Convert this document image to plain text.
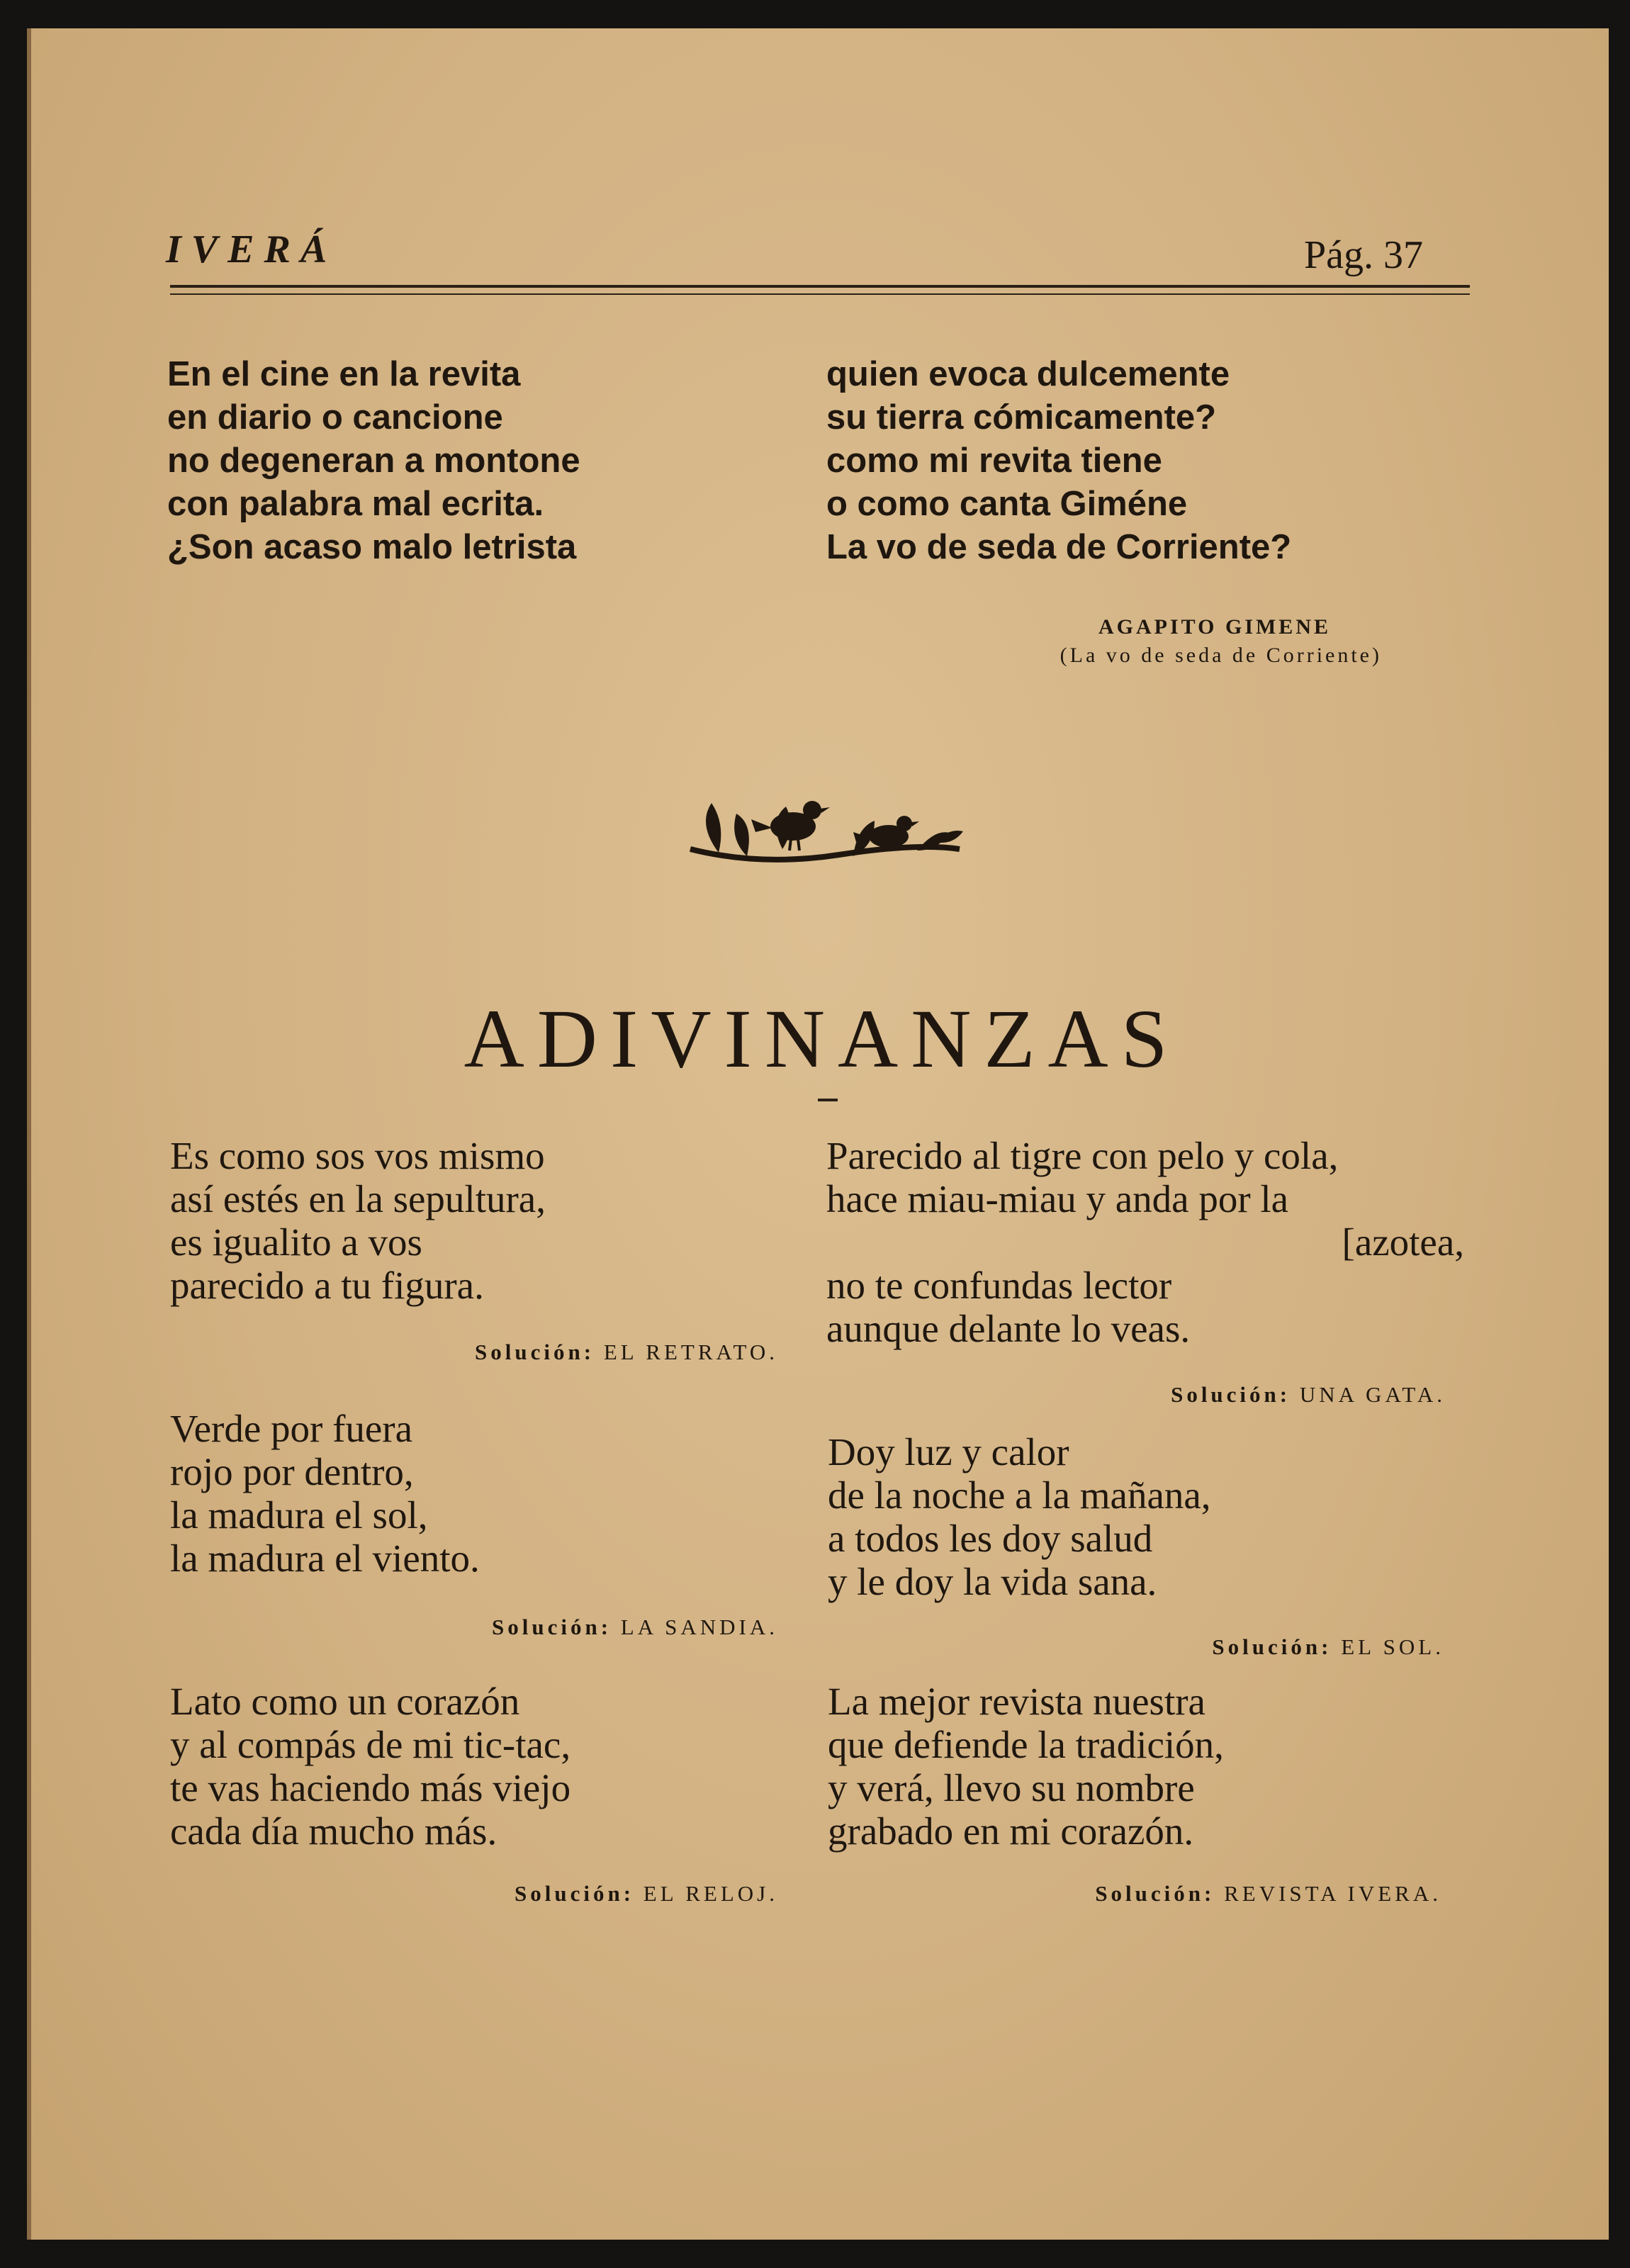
IVERÁ	Pág. 37
En el cine en la revita
en diario o cancione
no degeneran a montone
con palabra mal ecrita.
¿Son acaso malo letrista
quien evoca dulcemente
su tierra cómicamente?
como mi revita tiene
o como canta Giméne
La vo de seda de Corriente?
AGAPITO GIMENE
(La vo de seda de Corriente)
ADIVINANZAS
Es como sos vos mismo
así estés en la sepultura,
es igualito a vos
parecido a tu figura.
Solución: EL RETRATO.
Verde por fuera
rojo por dentro,
la madura el sol,
la madura el viento.
Solución: LA SANDIA.
Lato como un corazón
y al compás de mi tic-tac,
te vas haciendo más viejo
cada día mucho más.
Solución: EL RELOJ.
Parecido al tigre con pelo y cola,
hace miau-miau y anda por la
[azotea,
no te confundas lector
aunque delante lo veas.
Solución: UNA GATA.
Doy luz y calor
de la noche a la mañana,
a todos les doy salud
y le doy la vida sana.
Solución: EL SOL.
La mejor revista nuestra
que defiende la tradición,
y verá, llevo su nombre
grabado en mi corazón.
Solución: REVISTA IVERA.
